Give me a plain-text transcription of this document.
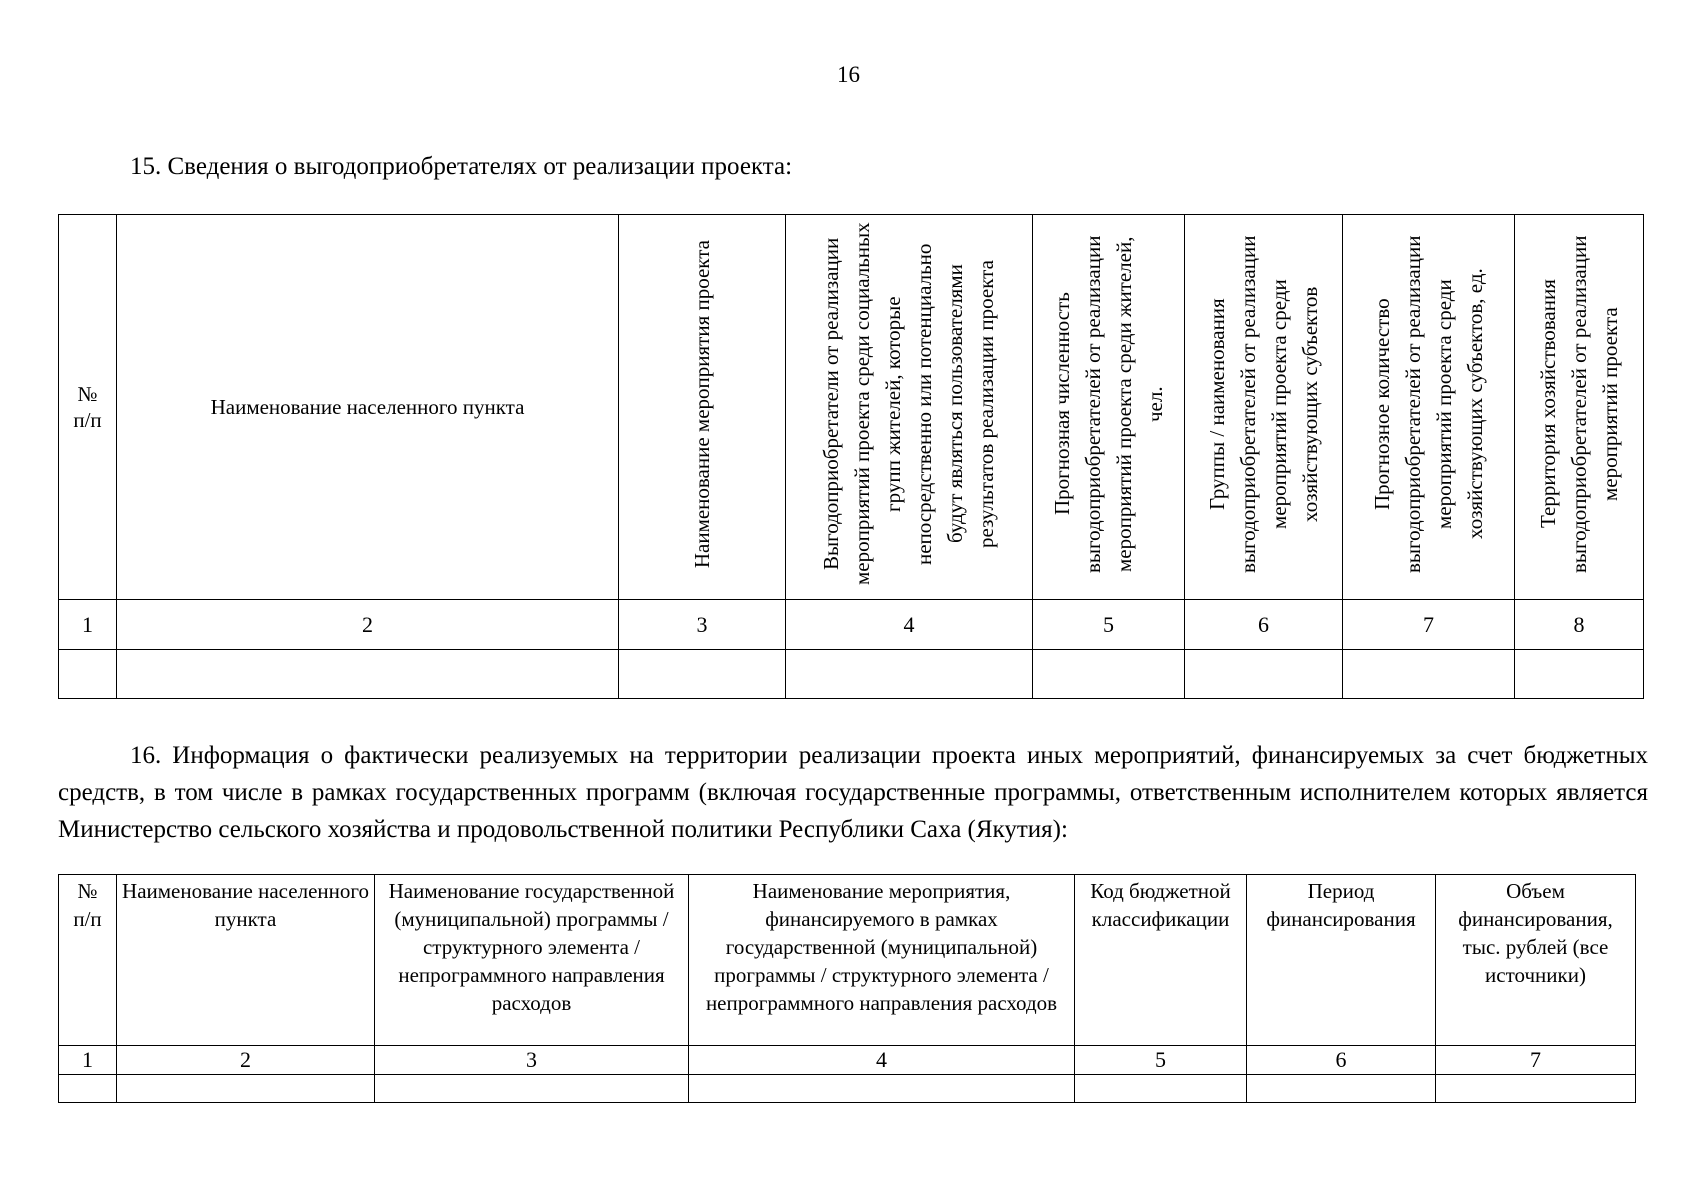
16
15. Сведения о выгодоприобретателях от реализации проекта:
№ п/п	Наименование населенного пункта	Наименование мероприятия проекта	Выгодоприобретатели от реализации мероприятий проекта среди социальных групп жителей, которые непосредственно или потенциально будут являться пользователями результатов реализации проекта	Прогнозная численность выгодоприобретателей от реализации мероприятий проекта среди жителей, чел.	Группы / наименования выгодоприобретателей от реализации мероприятий проекта среди хозяйствующих субъектов	Прогнозное количество выгодоприобретателей от реализации мероприятий проекта среди хозяйствующих субъектов, ед.	Территория хозяйствования выгодоприобретателей от реализации мероприятий проекта
1	2	3	4	5	6	7	8

16. Информация о фактически реализуемых на территории реализации проекта иных мероприятий, финансируемых за счет бюджетных средств, в том числе в рамках государственных программ (включая государственные программы, ответственным исполнителем которых является Министерство сельского хозяйства и продовольственной политики Республики Саха (Якутия):
№ п/п	Наименование населенного пункта	Наименование государственной (муниципальной) программы / структурного элемента / непрограммного направления расходов	Наименование мероприятия, финансируемого в рамках государственной (муниципальной) программы / структурного элемента / непрограммного направления расходов	Код бюджетной классификации	Период финансирования	Объем финансирования, тыс. рублей (все источники)
1	2	3	4	5	6	7
